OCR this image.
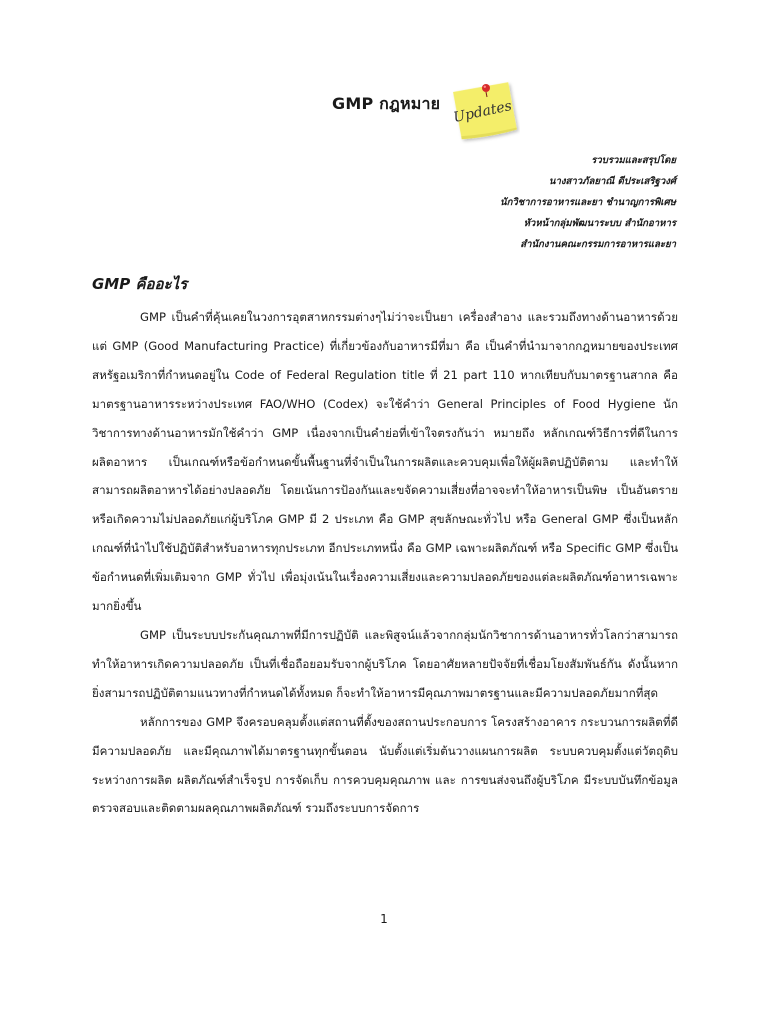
GMP กฎหมาย Updates
รวบรวมและสรุปโดย
นางสาวภัลยาณี ดีประเสริฐวงศ์
นักวิชาการอาหารและยา ชำนาญการพิเศษ
หัวหน้ากลุ่มพัฒนาระบบ สำนักอาหาร
สำนักงานคณะกรรมการอาหารและยา
GMP คืออะไร

GMP เป็นคำที่คุ้นเคยในวงการอุตสาหกรรมต่างๆไม่ว่าจะเป็นยา เครื่องสำอาง และรวมถึงทางด้านอาหารด้วย แต่ GMP (Good Manufacturing Practice) ที่เกี่ยวข้องกับอาหารมีที่มา คือ เป็นคำที่นำมาจากกฎหมายของประเทศสหรัฐอเมริกาที่กำหนดอยู่ใน Code of Federal Regulation title ที่ 21 part 110 หากเทียบกับมาตรฐานสากล คือ มาตรฐานอาหารระหว่างประเทศ FAO/WHO (Codex) จะใช้คำว่า General Principles of Food Hygiene นักวิชาการทางด้านอาหารมักใช้คำว่า GMP เนื่องจากเป็นคำย่อที่เข้าใจตรงกันว่า หมายถึง หลักเกณฑ์วิธีการที่ดีในการผลิตอาหาร เป็นเกณฑ์หรือข้อกำหนดขั้นพื้นฐานที่จำเป็นในการผลิตและควบคุมเพื่อให้ผู้ผลิตปฏิบัติตาม และทำให้สามารถผลิตอาหารได้อย่างปลอดภัย โดยเน้นการป้องกันและขจัดความเสี่ยงที่อาจจะทำให้อาหารเป็นพิษ เป็นอันตราย หรือเกิดความไม่ปลอดภัยแก่ผู้บริโภค GMP มี 2 ประเภท คือ GMP สุขลักษณะทั่วไป หรือ General GMP ซึ่งเป็นหลักเกณฑ์ที่นำไปใช้ปฏิบัติสำหรับอาหารทุกประเภท อีกประเภทหนึ่ง คือ GMP เฉพาะผลิตภัณฑ์ หรือ Specific GMP ซึ่งเป็นข้อกำหนดที่เพิ่มเติมจาก GMP ทั่วไป เพื่อมุ่งเน้นในเรื่องความเสี่ยงและความปลอดภัยของแต่ละผลิตภัณฑ์อาหารเฉพาะมากยิ่งขึ้น

GMP เป็นระบบประกันคุณภาพที่มีการปฏิบัติ และพิสูจน์แล้วจากกลุ่มนักวิชาการด้านอาหารทั่วโลกว่าสามารถทำให้อาหารเกิดความปลอดภัย เป็นที่เชื่อถือยอมรับจากผู้บริโภค โดยอาศัยหลายปัจจัยที่เชื่อมโยงสัมพันธ์กัน ดังนั้นหากยิ่งสามารถปฏิบัติตามแนวทางที่กำหนดได้ทั้งหมด ก็จะทำให้อาหารมีคุณภาพมาตรฐานและมีความปลอดภัยมากที่สุด

หลักการของ GMP จึงครอบคลุมตั้งแต่สถานที่ตั้งของสถานประกอบการ โครงสร้างอาคาร กระบวนการผลิตที่ดีมีความปลอดภัย และมีคุณภาพได้มาตรฐานทุกขั้นตอน นับตั้งแต่เริ่มต้นวางแผนการผลิต ระบบควบคุมตั้งแต่วัตถุดิบ ระหว่างการผลิต ผลิตภัณฑ์สำเร็จรูป การจัดเก็บ การควบคุมคุณภาพ และ การขนส่งจนถึงผู้บริโภค มีระบบบันทึกข้อมูล ตรวจสอบและติดตามผลคุณภาพผลิตภัณฑ์ รวมถึงระบบการจัดการ

1
